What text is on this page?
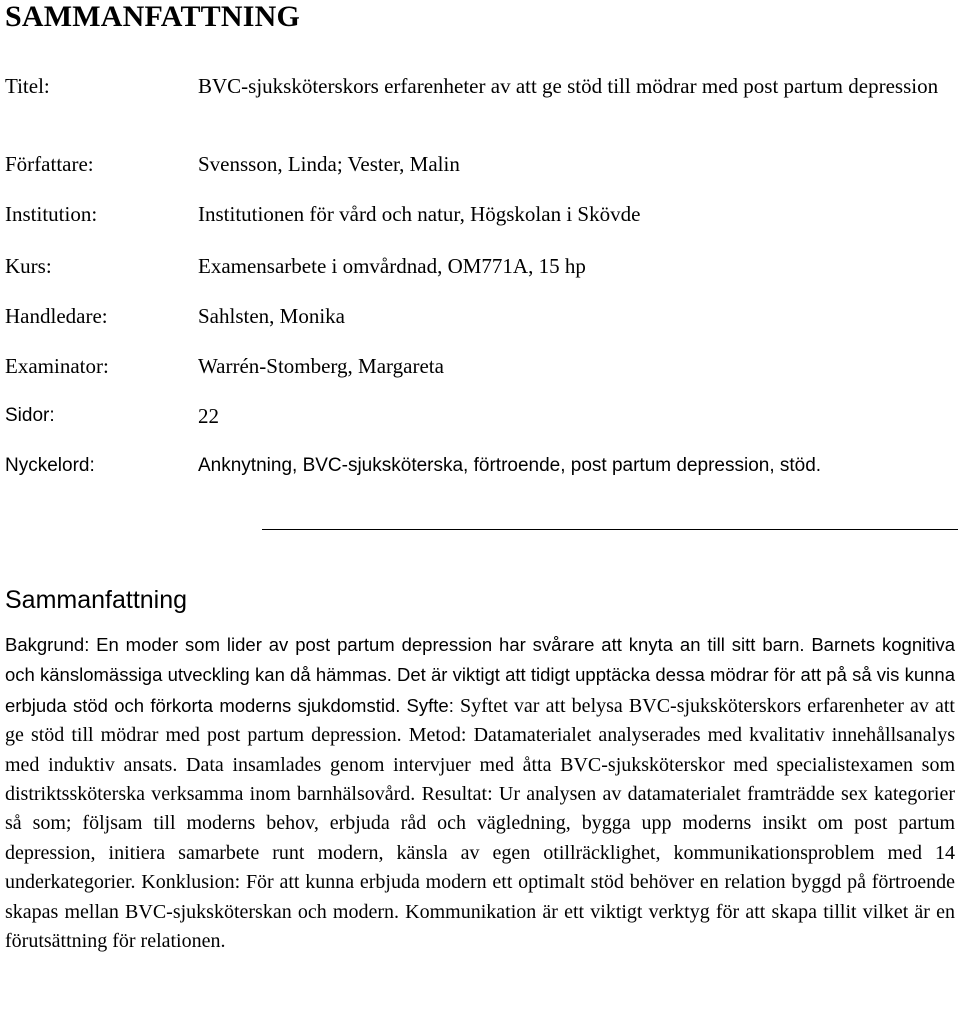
SAMMANFATTNING
Titel:	BVC-sjuksköterskors erfarenheter av att ge stöd till mödrar med post partum depression
Författare:	Svensson, Linda; Vester, Malin
Institution:	Institutionen för vård och natur, Högskolan i Skövde
Kurs:	Examensarbete i omvårdnad, OM771A, 15 hp
Handledare:	Sahlsten, Monika
Examinator:	Warrén-Stomberg, Margareta
Sidor:	22
Nyckelord:	Anknytning, BVC-sjuksköterska, förtroende, post partum depression, stöd.
Sammanfattning

Bakgrund: En moder som lider av post partum depression har svårare att knyta an till sitt barn. Barnets kognitiva och känslomässiga utveckling kan då hämmas. Det är viktigt att tidigt upptäcka dessa mödrar för att på så vis kunna erbjuda stöd och förkorta moderns sjukdomstid. Syfte: Syftet var att belysa BVC-sjuksköterskors erfarenheter av att ge stöd till mödrar med post partum depression. Metod: Datamaterialet analyserades med kvalitativ innehållsanalys med induktiv ansats. Data insamlades genom intervjuer med åtta BVC-sjuksköterskor med specialistexamen som distriktssköterska verksamma inom barnhälsovård. Resultat: Ur analysen av datamaterialet framträdde sex kategorier så som; följsam till moderns behov, erbjuda råd och vägledning, bygga upp moderns insikt om post partum depression, initiera samarbete runt modern, känsla av egen otillräcklighet, kommunikationsproblem med 14 underkategorier. Konklusion: För att kunna erbjuda modern ett optimalt stöd behöver en relation byggd på förtroende skapas mellan BVC-sjuksköterskan och modern. Kommunikation är ett viktigt verktyg för att skapa tillit vilket är en förutsättning för relationen.
